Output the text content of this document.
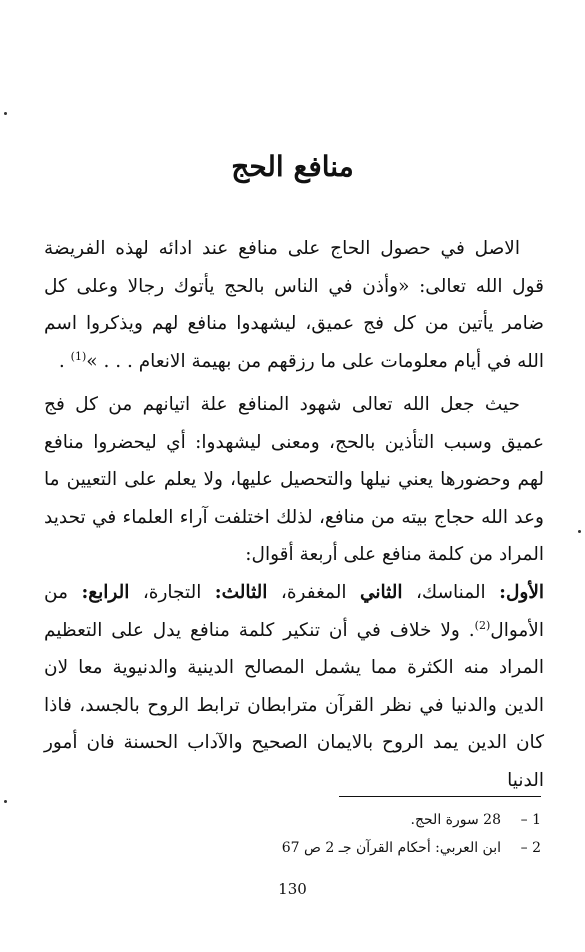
منافع الحج
الاصل في حصول الحاج على منافع عند ادائه لهذه الفريضة قول الله تعالى: «وأذن في الناس بالحج يأتوك رجالا وعلى كل ضامر يأتين من كل فج عميق، ليشهدوا منافع لهم ويذكروا اسم الله في أيام معلومات على ما رزقهم من بهيمة الانعام . . . »$^{(1)}$ .
حيث جعل الله تعالى شهود المنافع علة اتيانهم من كل فج عميق وسبب التأذين بالحج، ومعنى ليشهدوا: أي ليحضروا منافع لهم وحضورها يعني نيلها والتحصيل عليها، ولا يعلم على التعيين ما وعد الله حجاج بيته من منافع، لذلك اختلفت آراء العلماء في تحديد المراد من كلمة منافع على أربعة أقوال:
الأول: المناسك، الثاني المغفرة، الثالث: التجارة، الرابع: من الأموال$^{(2)}$. ولا خلاف في أن تنكير كلمة منافع يدل على التعظيم المراد منه الكثرة مما يشمل المصالح الدينية والدنيوية معا لان الدين والدنيا في نظر القرآن مترابطان ترابط الروح بالجسد، فاذا كان الدين يمد الروح بالايمان الصحيح والآداب الحسنة فان أمور الدنيا
1 –28 سورة الحج.
2 –ابن العربي: أحكام القرآن جـ 2 ص 67
130
